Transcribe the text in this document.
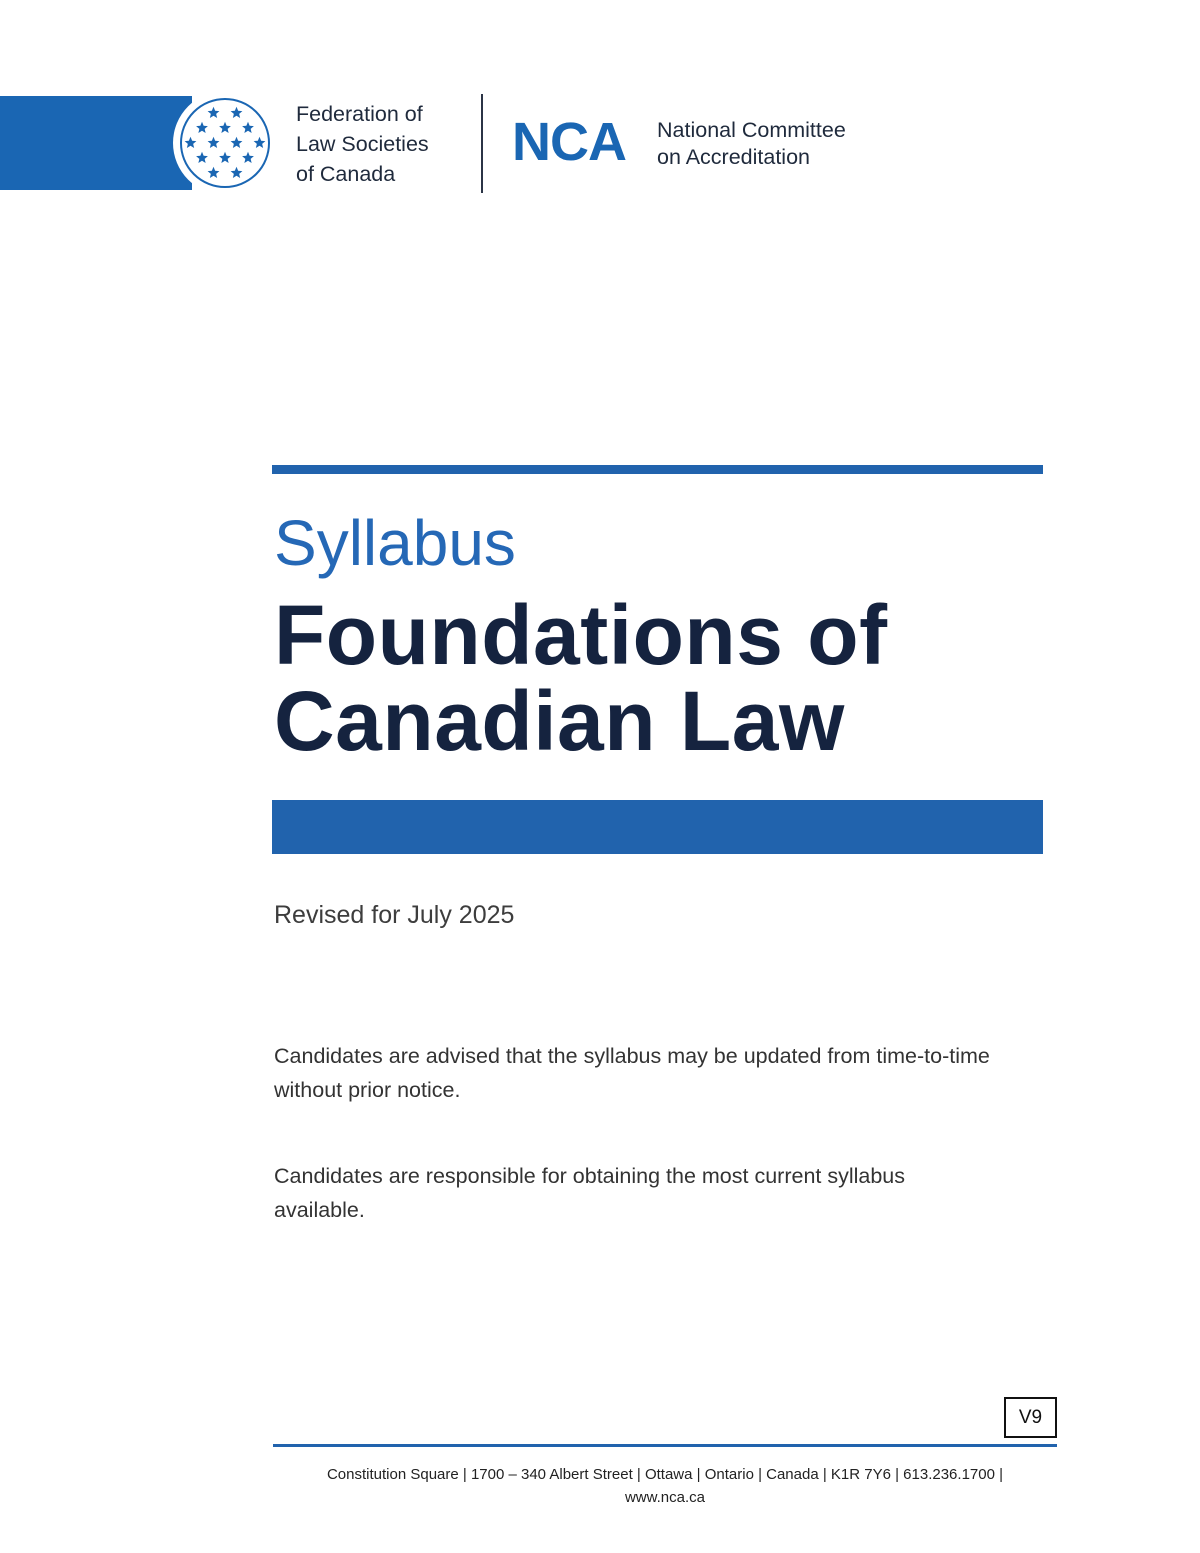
Federation of
Law Societies
of Canada
NCA National Committee
on Accreditation
Syllabus
Foundations of
Canadian Law
Revised for July 2025
Candidates are advised that the syllabus may be updated from time-to-time without prior notice.
Candidates are responsible for obtaining the most current syllabus available.
V9
Constitution Square | 1700 – 340 Albert Street | Ottawa | Ontario | Canada | K1R 7Y6 | 613.236.1700 |
www.nca.ca
